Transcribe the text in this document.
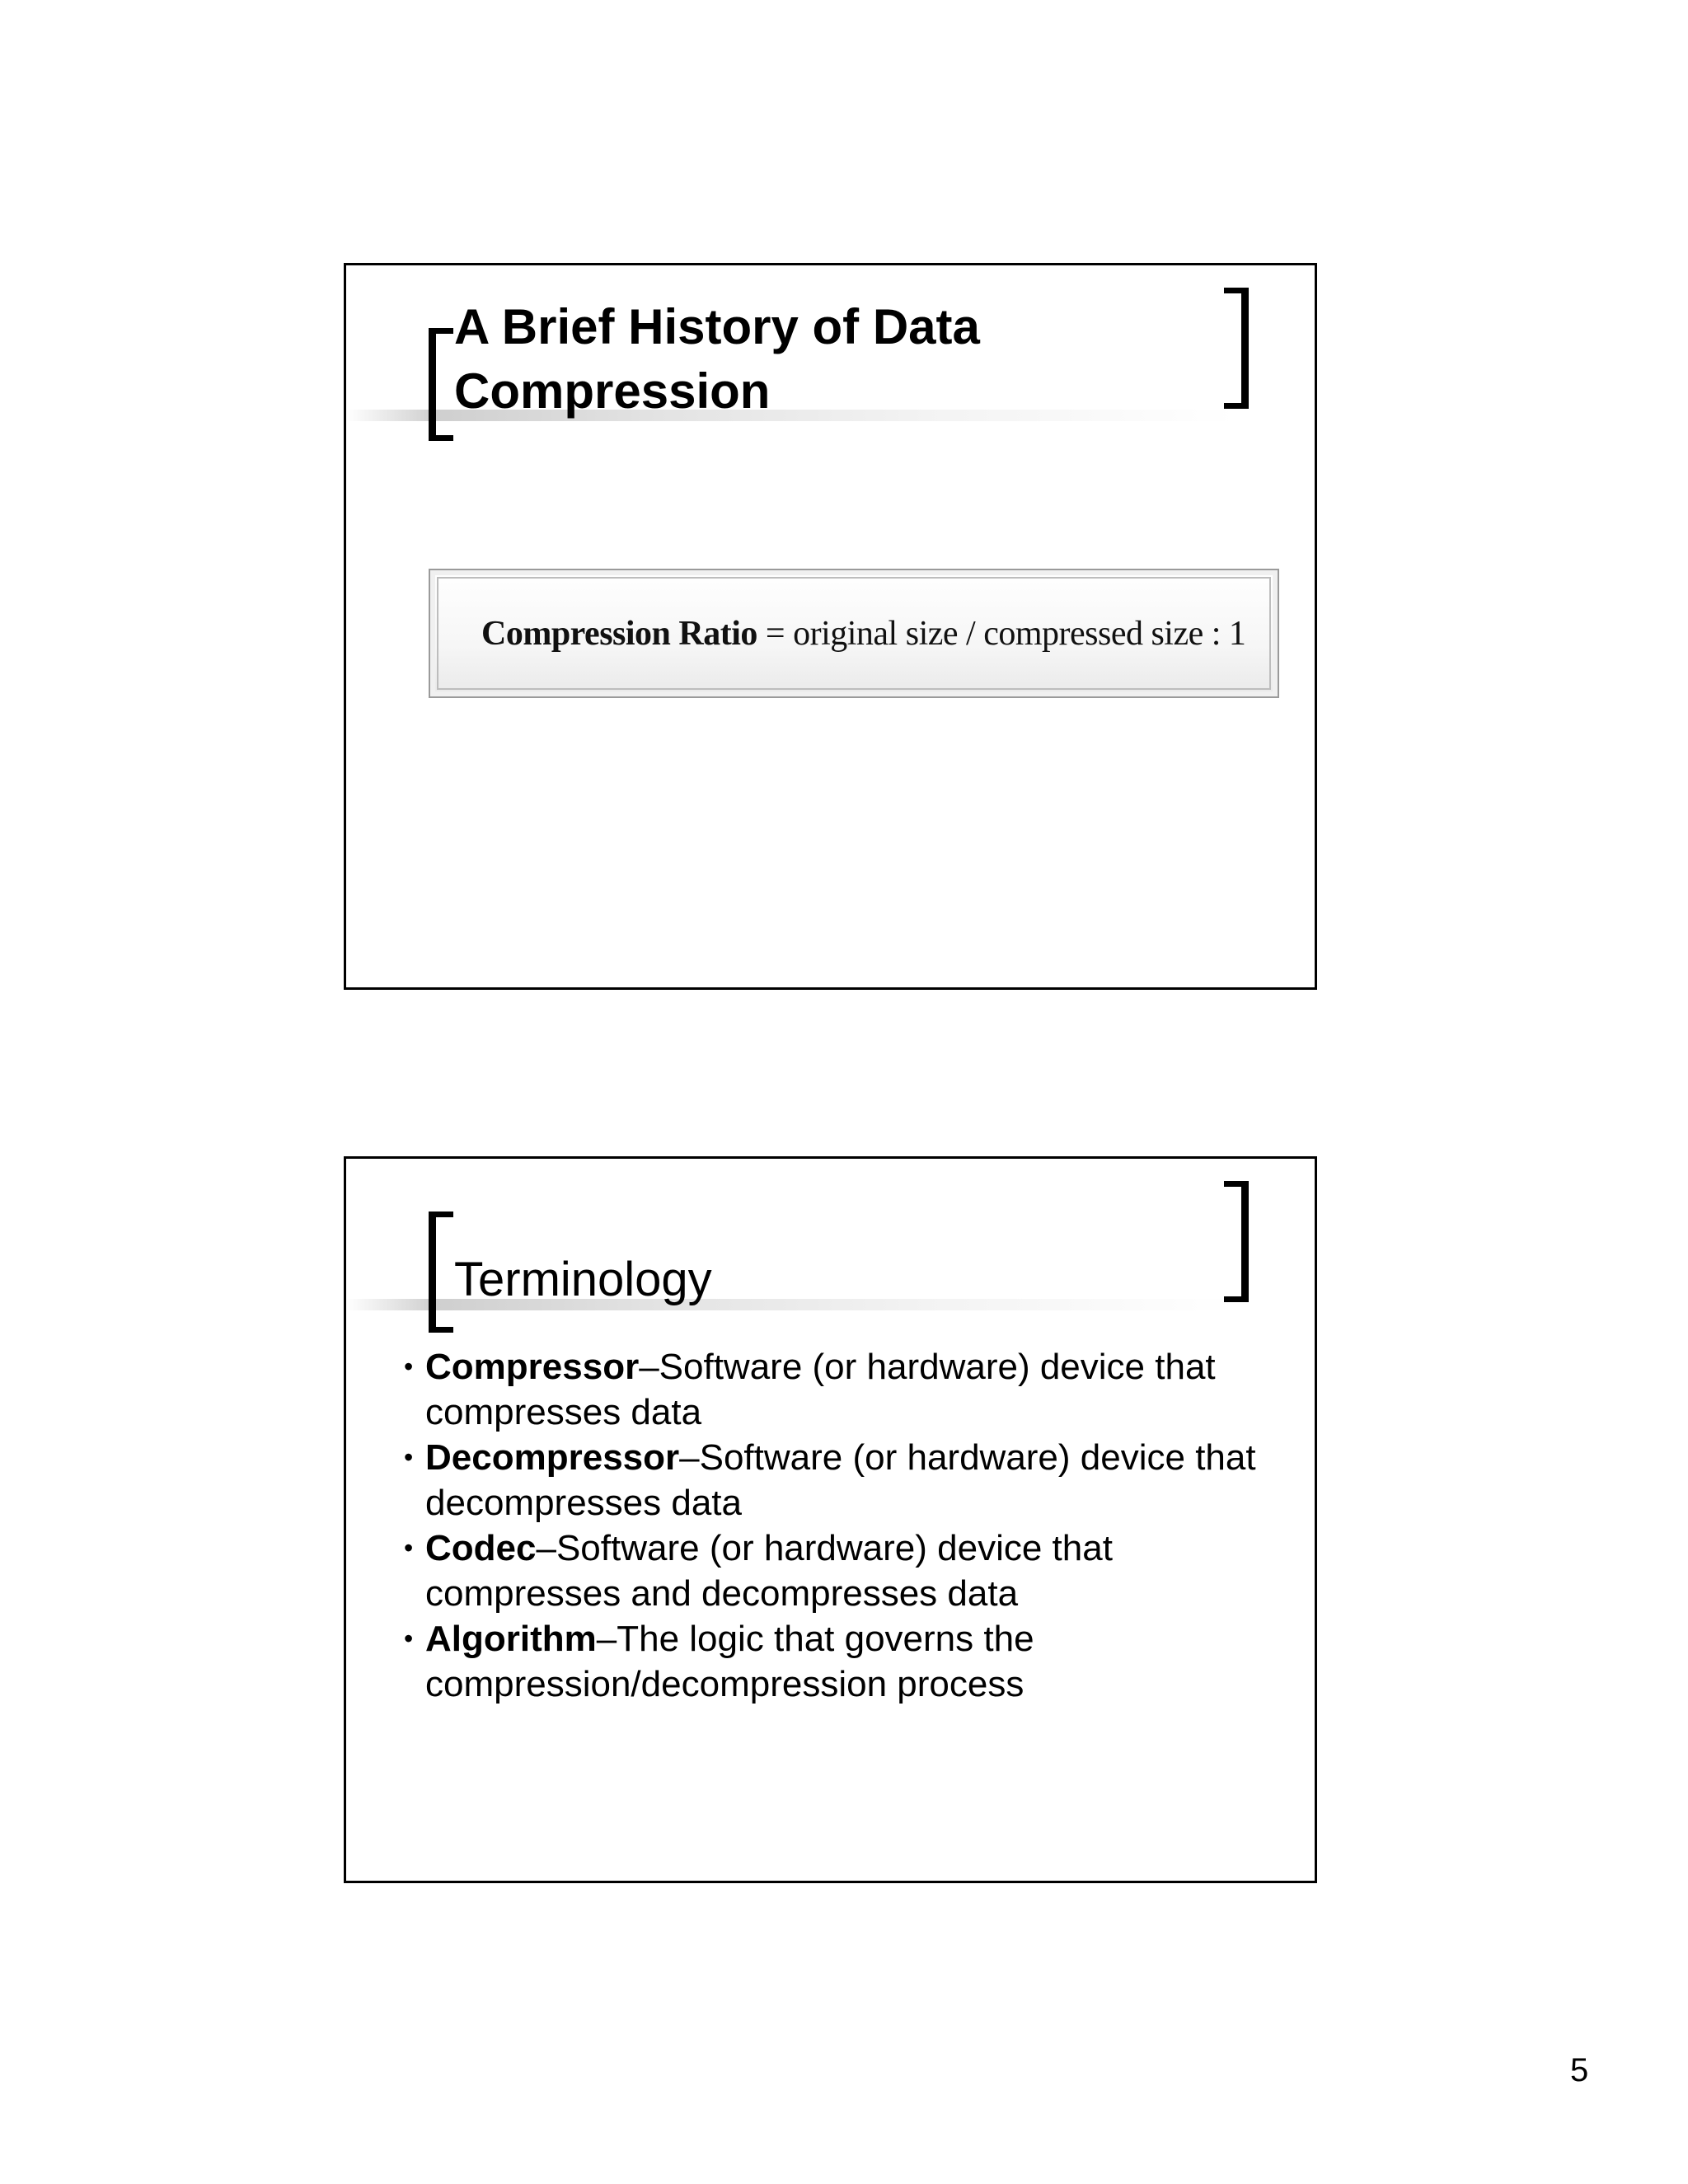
A Brief History of Data Compression
Compression Ratio = original size / compressed size : 1
Terminology
• Compressor–Software (or hardware) device that compresses data
• Decompressor–Software (or hardware) device that decompresses data
• Codec–Software (or hardware) device that compresses and decompresses data
• Algorithm–The logic that governs the compression/decompression process
5
